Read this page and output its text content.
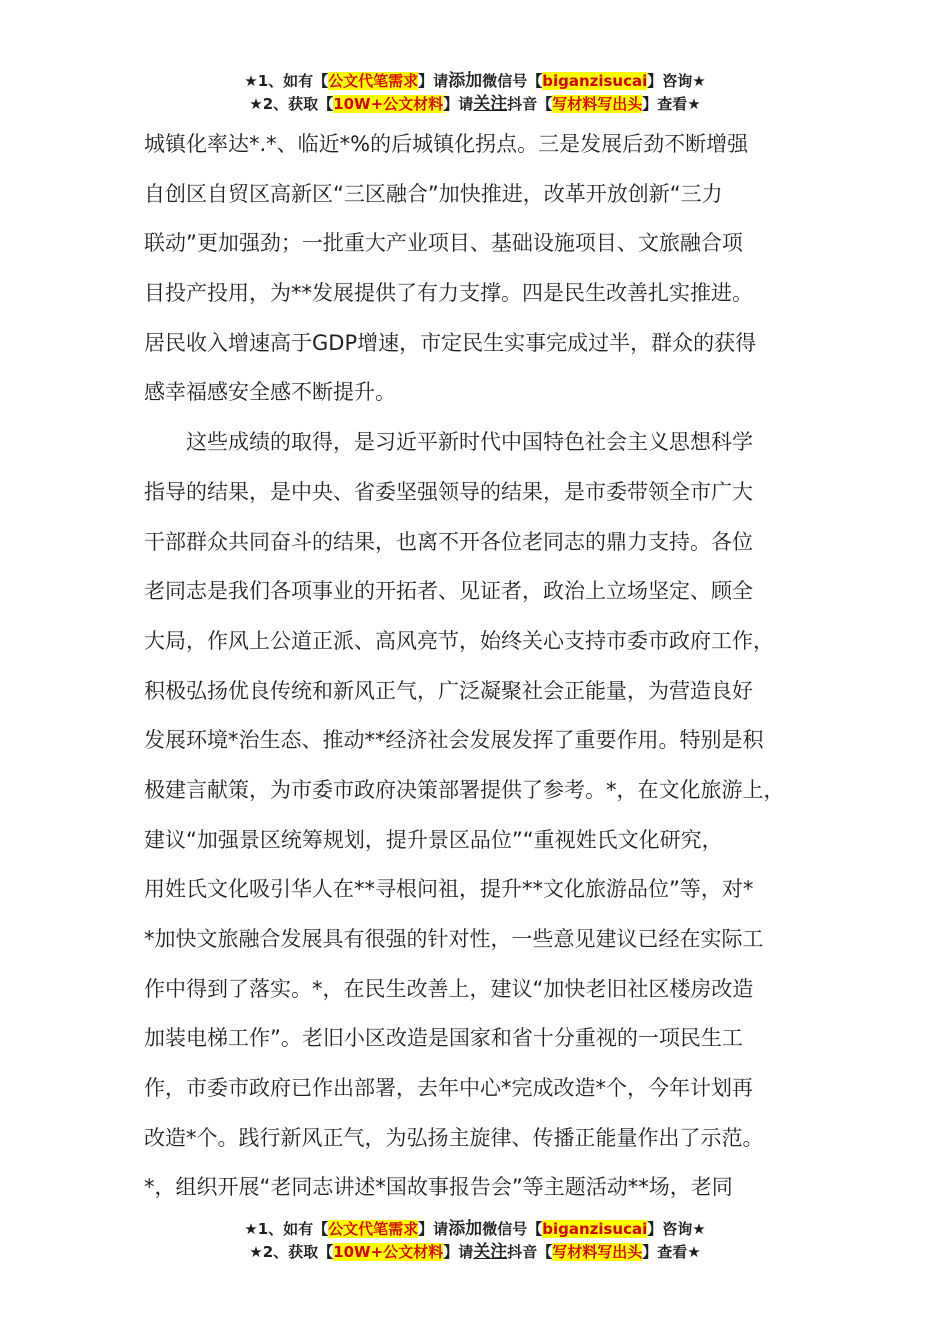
★1、如有【公文代笔需求】请添加微信号【biganzisucai】咨询★
★2、获取【10W+公文材料】请关注抖音【写材料写出头】查看★
城镇化率达*.*、临近*%的后城镇化拐点。三是发展后劲不断增强
自创区自贸区高新区“三区融合”加快推进，改革开放创新“三力
联动”更加强劲；一批重大产业项目、基础设施项目、文旅融合项
目投产投用，为**发展提供了有力支撑。四是民生改善扎实推进。
居民收入增速高于GDP增速，市定民生实事完成过半，群众的获得
感幸福感安全感不断提升。
　　这些成绩的取得，是习近平新时代中国特色社会主义思想科学
指导的结果，是中央、省委坚强领导的结果，是市委带领全市广大
干部群众共同奋斗的结果，也离不开各位老同志的鼎力支持。各位
老同志是我们各项事业的开拓者、见证者，政治上立场坚定、顾全
大局，作风上公道正派、高风亮节，始终关心支持市委市政府工作，
积极弘扬优良传统和新风正气，广泛凝聚社会正能量，为营造良好
发展环境*治生态、推动**经济社会发展发挥了重要作用。特别是积
极建言献策，为市委市政府决策部署提供了参考。*，在文化旅游上，
建议“加强景区统筹规划，提升景区品位”“重视姓氏文化研究，
用姓氏文化吸引华人在**寻根问祖，提升**文化旅游品位”等，对*
*加快文旅融合发展具有很强的针对性，一些意见建议已经在实际工
作中得到了落实。*，在民生改善上，建议“加快老旧社区楼房改造
加装电梯工作”。老旧小区改造是国家和省十分重视的一项民生工
作，市委市政府已作出部署，去年中心*完成改造*个，今年计划再
改造*个。践行新风正气，为弘扬主旋律、传播正能量作出了示范。
*，组织开展“老同志讲述*国故事报告会”等主题活动**场，老同
★1、如有【公文代笔需求】请添加微信号【biganzisucai】咨询★
★2、获取【10W+公文材料】请关注抖音【写材料写出头】查看★
